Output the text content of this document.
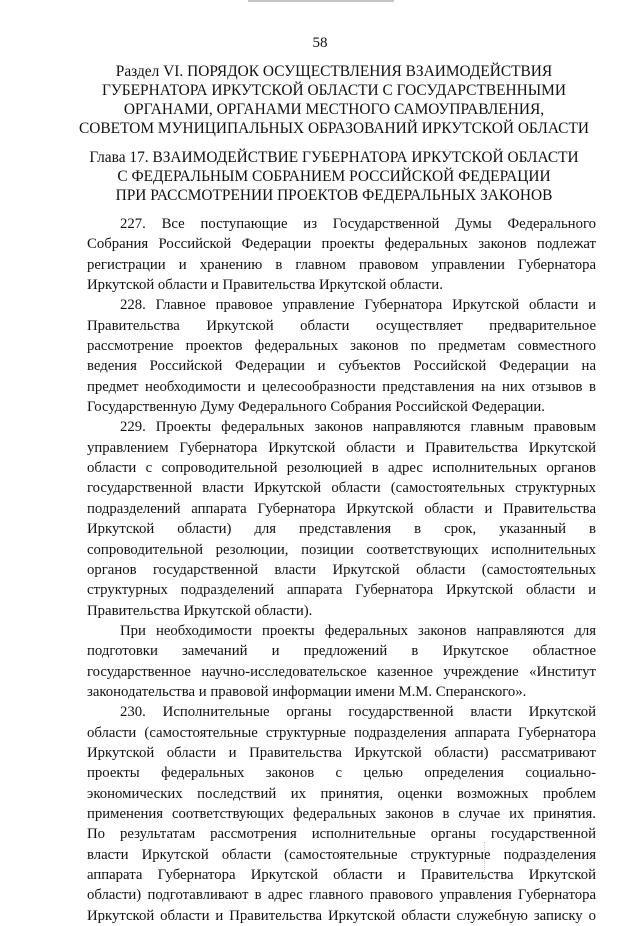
58
Раздел VI. ПОРЯДОК ОСУЩЕСТВЛЕНИЯ ВЗАИМОДЕЙСТВИЯ
ГУБЕРНАТОРА ИРКУТСКОЙ ОБЛАСТИ С ГОСУДАРСТВЕННЫМИ
ОРГАНАМИ, ОРГАНАМИ МЕСТНОГО САМОУПРАВЛЕНИЯ,
СОВЕТОМ МУНИЦИПАЛЬНЫХ ОБРАЗОВАНИЙ ИРКУТСКОЙ ОБЛАСТИ
Глава 17. ВЗАИМОДЕЙСТВИЕ ГУБЕРНАТОРА ИРКУТСКОЙ ОБЛАСТИ
С ФЕДЕРАЛЬНЫМ СОБРАНИЕМ РОССИЙСКОЙ ФЕДЕРАЦИИ
ПРИ РАССМОТРЕНИИ ПРОЕКТОВ ФЕДЕРАЛЬНЫХ ЗАКОНОВ
227. Все поступающие из Государственной Думы Федерального
Собрания Российской Федерации проекты федеральных законов подлежат
регистрации и хранению в главном правовом управлении Губернатора
Иркутской области и Правительства Иркутской области.
228. Главное правовое управление Губернатора Иркутской области и
Правительства Иркутской области осуществляет предварительное
рассмотрение проектов федеральных законов по предметам совместного
ведения Российской Федерации и субъектов Российской Федерации на
предмет необходимости и целесообразности представления на них отзывов в
Государственную Думу Федерального Собрания Российской Федерации.
229. Проекты федеральных законов направляются главным правовым
управлением Губернатора Иркутской области и Правительства Иркутской
области с сопроводительной резолюцией в адрес исполнительных органов
государственной власти Иркутской области (самостоятельных структурных
подразделений аппарата Губернатора Иркутской области и Правительства
Иркутской области) для представления в срок, указанный в
сопроводительной резолюции, позиции соответствующих исполнительных
органов государственной власти Иркутской области (самостоятельных
структурных подразделений аппарата Губернатора Иркутской области и
Правительства Иркутской области).
При необходимости проекты федеральных законов направляются для
подготовки замечаний и предложений в Иркутское областное
государственное научно-исследовательское казенное учреждение «Институт
законодательства и правовой информации имени М.М. Сперанского».
230. Исполнительные органы государственной власти Иркутской
области (самостоятельные структурные подразделения аппарата Губернатора
Иркутской области и Правительства Иркутской области) рассматривают
проекты федеральных законов с целью определения социально-
экономических последствий их принятия, оценки возможных проблем
применения соответствующих федеральных законов в случае их принятия.
По результатам рассмотрения исполнительные органы государственной
власти Иркутской области (самостоятельные структурные подразделения
аппарата Губернатора Иркутской области и Правительства Иркутской
области) подготавливают в адрес главного правового управления Губернатора
Иркутской области и Правительства Иркутской области служебную записку о
